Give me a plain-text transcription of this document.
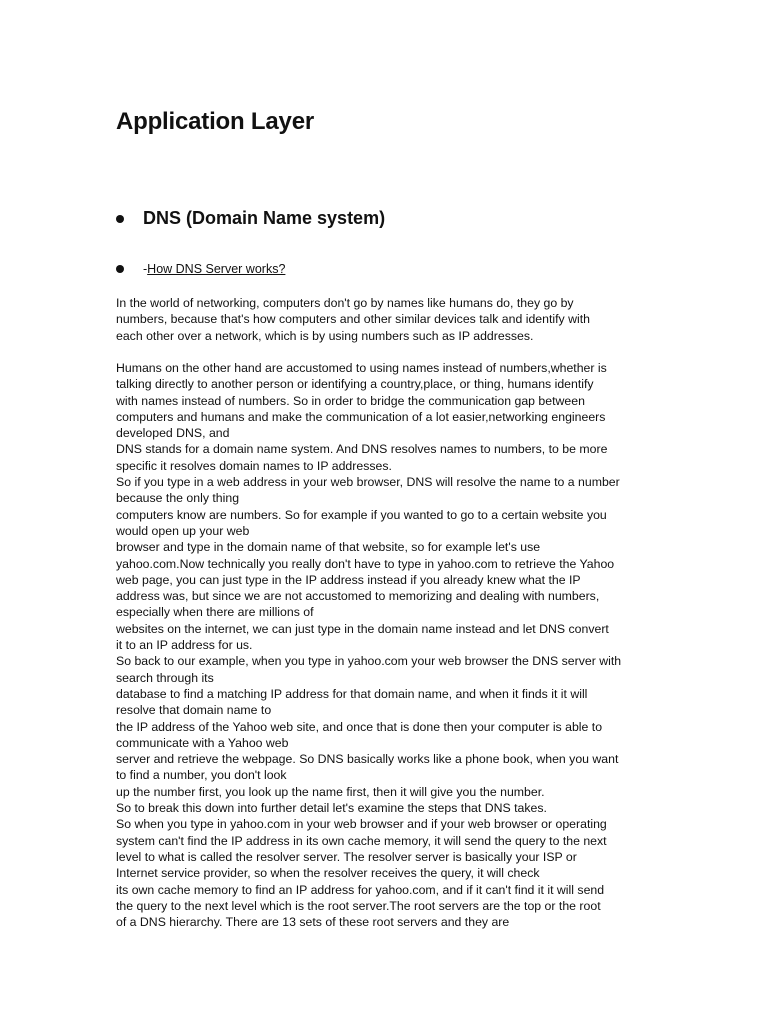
Application Layer
DNS (Domain Name system)
-How DNS Server works?
In the world of networking, computers don't go by names like humans do, they go by
numbers, because that's how computers and other similar devices talk and identify with
each other over a network, which is by using numbers such as IP addresses.
Humans on the other hand are accustomed to using names instead of numbers,whether is
talking directly to another person or identifying a country,place, or thing, humans identify
with names instead of numbers. So in order to bridge the communication gap between
computers and humans and make the communication of a lot easier,networking engineers
developed DNS, and
DNS stands for a domain name system. And DNS resolves names to numbers, to be more
specific it resolves domain names to IP addresses.
So if you type in a web address in your web browser, DNS will resolve the name to a number
because the only thing
computers know are numbers. So for example if you wanted to go to a certain website you
would open up your web
browser and type in the domain name of that website, so for example let's use
yahoo.com.Now technically you really don't have to type in yahoo.com to retrieve the Yahoo
web page, you can just type in the IP address instead if you already knew what the IP
address was, but since we are not accustomed to memorizing and dealing with numbers,
especially when there are millions of
websites on the internet, we can just type in the domain name instead and let DNS convert
it to an IP address for us.
So back to our example, when you type in yahoo.com your web browser the DNS server with
search through its
database to find a matching IP address for that domain name, and when it finds it it will
resolve that domain name to
the IP address of the Yahoo web site, and once that is done then your computer is able to
communicate with a Yahoo web
server and retrieve the webpage. So DNS basically works like a phone book, when you want
to find a number, you don't look
up the number first, you look up the name first, then it will give you the number.
So to break this down into further detail let's examine the steps that DNS takes.
So when you type in yahoo.com in your web browser and if your web browser or operating
system can't find the IP address in its own cache memory, it will send the query to the next
level to what is called the resolver server. The resolver server is basically your ISP or
Internet service provider, so when the resolver receives the query, it will check
its own cache memory to find an IP address for yahoo.com, and if it can't find it it will send
the query to the next level which is the root server.The root servers are the top or the root
of a DNS hierarchy. There are 13 sets of these root servers and they are
